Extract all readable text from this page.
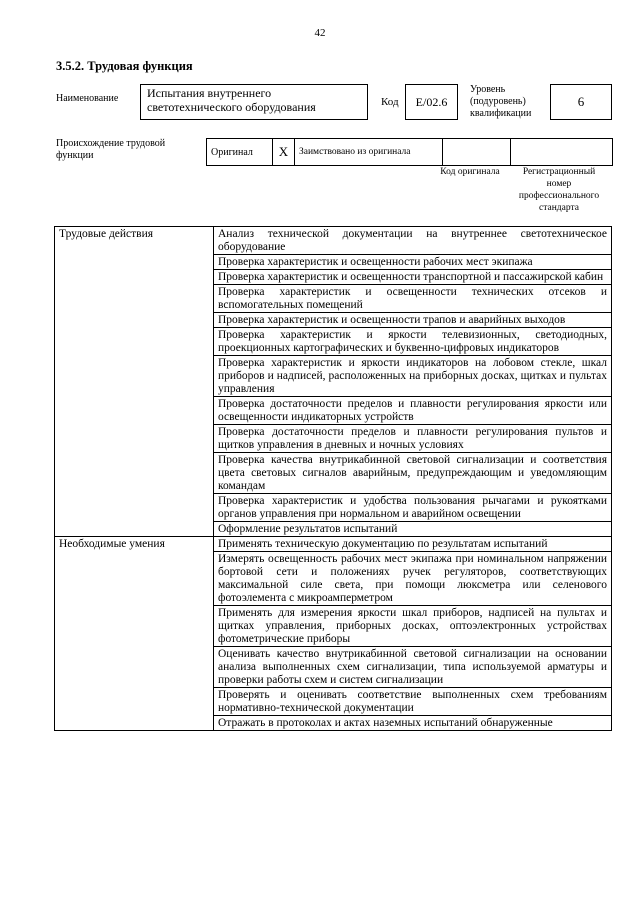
42
3.5.2. Трудовая функция
Наименование	Испытания внутреннего светотехнического оборудования	Код	Е/02.6
Уровень (подуровень) квалификации
6
Происхождение трудовой функции	Оригинал	X	Заимствовано из оригинала		
Код оригинала	Регистрационный номер профессионального стандарта
Трудовые действия	Анализ технической документации на внутреннее светотехническое оборудование
	Проверка характеристик и освещенности рабочих мест экипажа
	Проверка характеристик и освещенности транспортной и пассажирской кабин
	Проверка характеристик и освещенности технических отсеков и вспомогательных помещений
	Проверка характеристик и освещенности трапов и аварийных выходов
	Проверка характеристик и яркости телевизионных, светодиодных, проекционных картографических и буквенно-цифровых индикаторов
	Проверка характеристик и яркости индикаторов на лобовом стекле, шкал приборов и надписей, расположенных на приборных досках, щитках и пультах управления
	Проверка достаточности пределов и плавности регулирования яркости или освещенности индикаторных устройств
	Проверка достаточности пределов и плавности регулирования пультов и щитков управления в дневных и ночных условиях
	Проверка качества внутрикабинной световой сигнализации и соответствия цвета световых сигналов аварийным, предупреждающим и уведомляющим командам
	Проверка характеристик и удобства пользования рычагами и рукоятками органов управления при нормальном и аварийном освещении
	Оформление результатов испытаний
Необходимые умения	Применять техническую документацию по результатам испытаний
	Измерять освещенность рабочих мест экипажа при номинальном напряжении бортовой сети и положениях ручек регуляторов, соответствующих максимальной силе света, при помощи люксметра или селенового фотоэлемента с микроамперметром
	Применять для измерения яркости шкал приборов, надписей на пультах и щитках управления, приборных досках, оптоэлектронных устройствах фотометрические приборы
	Оценивать качество внутрикабинной световой сигнализации на основании анализа выполненных схем сигнализации, типа используемой арматуры и проверки работы схем и систем сигнализации
	Проверять и оценивать соответствие выполненных схем требованиям нормативно-технической документации
	Отражать в протоколах и актах наземных испытаний обнаруженные
